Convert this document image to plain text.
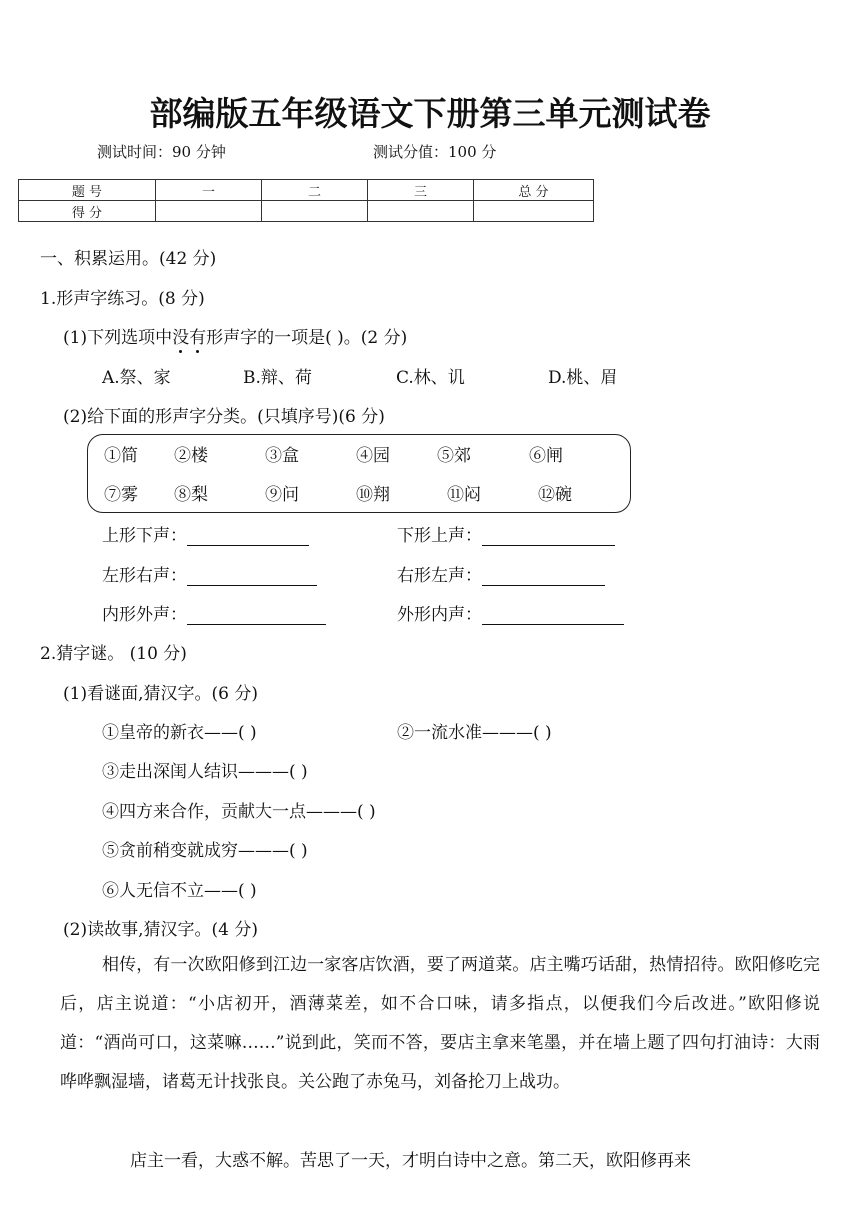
部编版五年级语文下册第三单元测试卷
测试时间：90 分钟	测试分值：100 分
题 号	一	二	三	总 分
得 分				
一、积累运用。(42 分)
1.形声字练习。(8 分)
(1)下列选项中没有形声字的一项是( )。(2 分)
A.祭、家	B.辩、荷	C.林、讥	D.桃、眉
(2)给下面的形声字分类。(只填序号)(6 分)
①简 ②楼	③盒	④园	⑤郊	⑥闸
⑦雾 ⑧梨	⑨问	⑩翔	⑪闷	⑫碗
上形下声：	下形上声：
左形右声：	右形左声：
内形外声：	外形内声：
2.猜字谜。 (10 分)
(1)看谜面,猜汉字。(6 分)
①皇帝的新衣——( )	②一流水准———( )
③走出深闺人结识———( )
④四方来合作，贡献大一点———( )
⑤贪前稍变就成穷———( )
⑥人无信不立——( )
(2)读故事,猜汉字。(4 分)
相传，有一次欧阳修到江边一家客店饮酒，要了两道菜。店主嘴巧话甜，热情招待。欧阳修吃完后，店主说道：“小店初开，酒薄菜差，如不合口味，请多指点，以便我们今后改进。”欧阳修说道：“酒尚可口，这菜嘛……”说到此，笑而不答，要店主拿来笔墨，并在墙上题了四句打油诗：大雨哗哗飘湿墙，诸葛无计找张良。关公跑了赤兔马，刘备抡刀上战功。
店主一看，大惑不解。苦思了一天，才明白诗中之意。第二天，欧阳修再来
